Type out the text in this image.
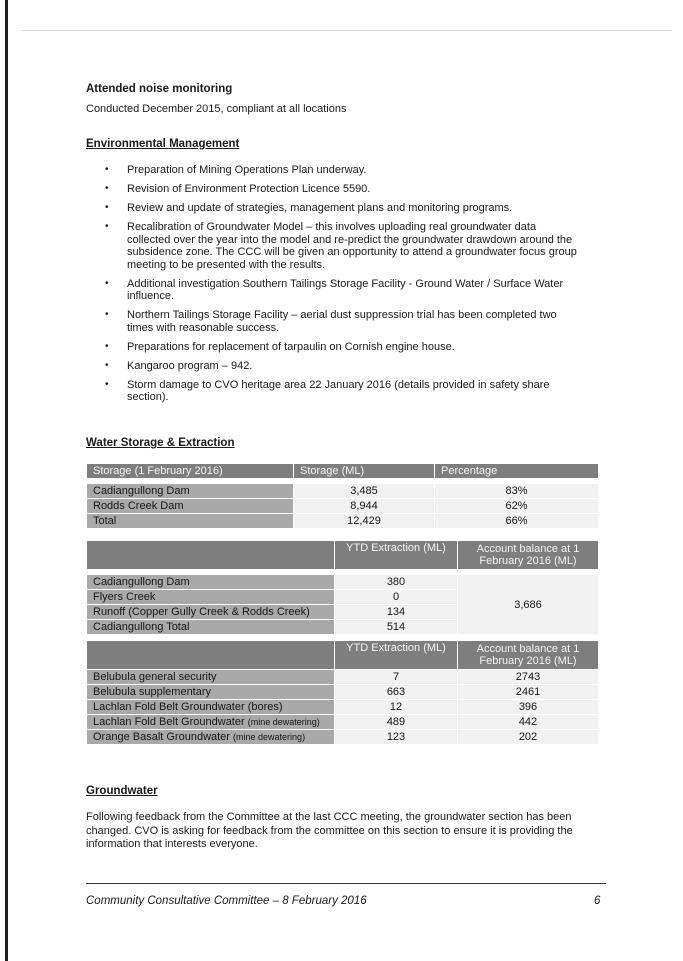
Attended noise monitoring
Conducted December 2015, compliant at all locations
Environmental Management
• Preparation of Mining Operations Plan underway.
• Revision of Environment Protection Licence 5590.
• Review and update of strategies, management plans and monitoring programs.
• Recalibration of Groundwater Model – this involves uploading real groundwater data collected over the year into the model and re-predict the groundwater drawdown around the subsidence zone. The CCC will be given an opportunity to attend a groundwater focus group meeting to be presented with the results.
• Additional investigation Southern Tailings Storage Facility - Ground Water / Surface Water influence.
• Northern Tailings Storage Facility – aerial dust suppression trial has been completed two times with reasonable success.
• Preparations for replacement of tarpaulin on Cornish engine house.
• Kangaroo program – 942.
• Storm damage to CVO heritage area 22 January 2016 (details provided in safety share section).
Water Storage & Extraction
Storage (1 February 2016)	Storage (ML)	Percentage

Cadiangullong Dam	3,485	83%
Rodds Creek Dam	8,944	62%
Total	12,429	66%
	YTD Extraction (ML)	Account balance at 1 February 2016 (ML)

Cadiangullong Dam	380	3,686
Flyers Creek	0	
Runoff (Copper Gully Creek & Rodds Creek)	134	
Cadiangullong Total	514	
	YTD Extraction (ML)	Account balance at 1 February 2016 (ML)
Belubula general security	7	2743
Belubula supplementary	663	2461
Lachlan Fold Belt Groundwater (bores)	12	396
Lachlan Fold Belt Groundwater (mine dewatering)	489	442
Orange Basalt Groundwater (mine dewatering)	123	202
Groundwater
Following feedback from the Committee at the last CCC meeting, the groundwater section has been changed. CVO is asking for feedback from the committee on this section to ensure it is providing the information that interests everyone.
Community Consultative Committee – 8 February 2016	6
